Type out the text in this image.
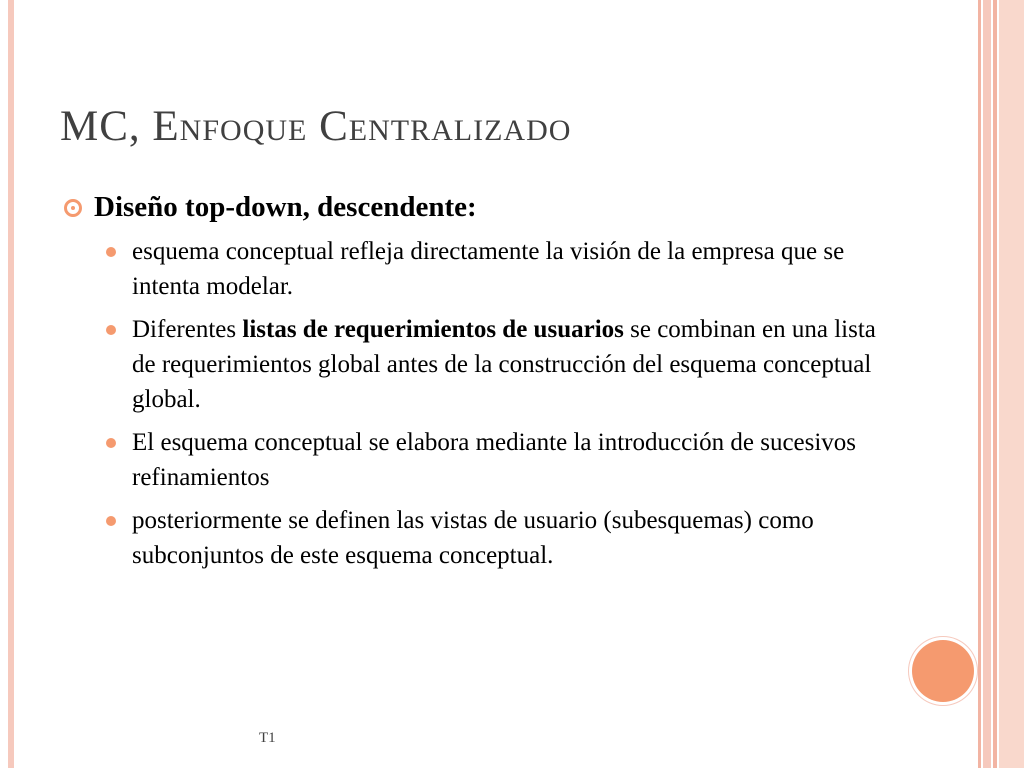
MC, Enfoque Centralizado
Diseño top-down, descendente:
esquema conceptual refleja directamente la visión de la empresa que se intenta modelar.
Diferentes listas de requerimientos de usuarios se combinan en una lista de requerimientos global antes de la construcción del esquema conceptual global.
El esquema conceptual se elabora mediante la introducción de sucesivos refinamientos
posteriormente se definen las vistas de usuario (subesquemas) como subconjuntos de este esquema conceptual.
T1
